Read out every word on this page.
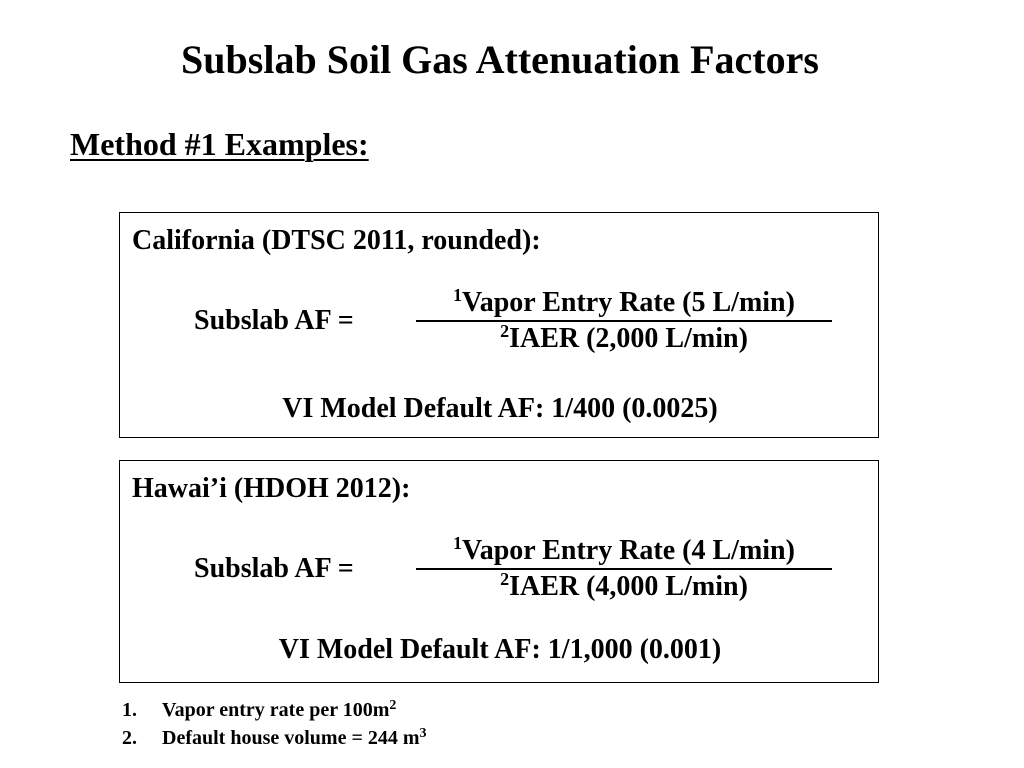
Subslab Soil Gas Attenuation Factors
Method #1 Examples:
California (DTSC 2011, rounded):
Subslab AF =
$^1$Vapor Entry Rate (5 L/min)
$^2$IAER (2,000 L/min)
VI Model Default AF: 1/400 (0.0025)
Hawai’i (HDOH 2012):
Subslab AF =
$^1$Vapor Entry Rate (4 L/min)
$^2$IAER (4,000 L/min)
VI Model Default AF: 1/1,000 (0.001)
1. Vapor entry rate per $100m^2$
2. Default house volume = 244 $m^3$
